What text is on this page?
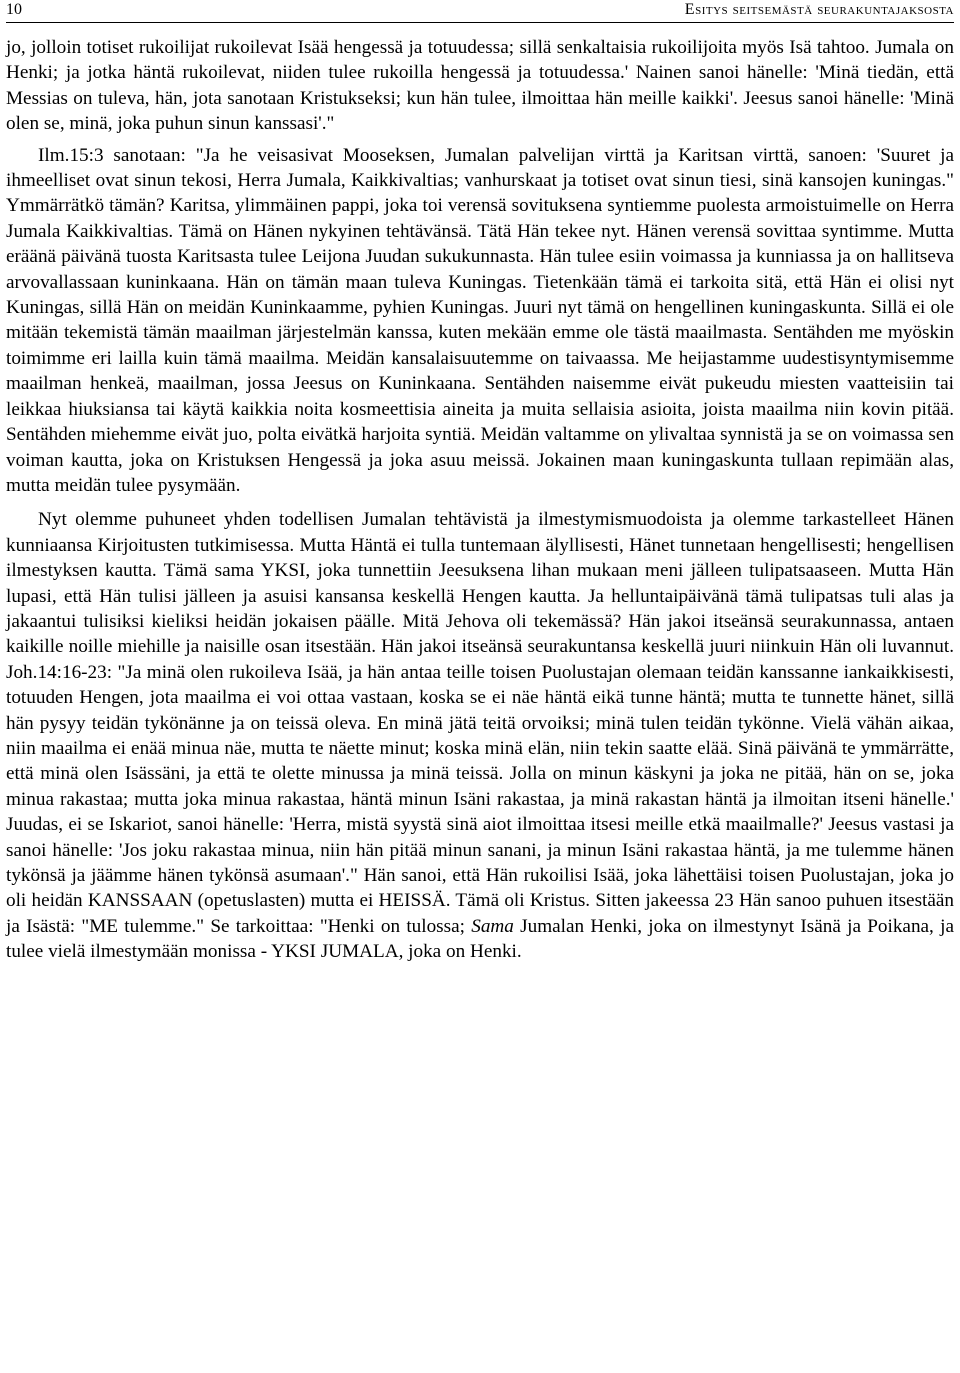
10	Esitys seitsemästä seurakuntajaksosta

jo, jolloin totiset rukoilijat rukoilevat Isää hengessä ja totuudessa; sillä senkaltaisia rukoilijoita myös Isä tahtoo. Jumala on Henki; ja jotka häntä rukoilevat, niiden tulee rukoilla hengessä ja totuudessa.' Nainen sanoi hänelle: 'Minä tiedän, että Messias on tuleva, hän, jota sanotaan Kristukseksi; kun hän tulee, ilmoittaa hän meille kaikki'. Jeesus sanoi hänelle: 'Minä olen se, minä, joka puhun sinun kanssasi'."

Ilm.15:3 sanotaan: "Ja he veisasivat Mooseksen, Jumalan palvelijan virttä ja Karitsan virttä, sanoen: 'Suuret ja ihmeelliset ovat sinun tekosi, Herra Jumala, Kaikkivaltias; vanhurskaat ja totiset ovat sinun tiesi, sinä kansojen kuningas." Ymmärrätkö tämän? Karitsa, ylimmäinen pappi, joka toi verensä sovituksena syntiemme puolesta armoistuimelle on Herra Jumala Kaikkivaltias. Tämä on Hänen nykyinen tehtävänsä. Tätä Hän tekee nyt. Hänen verensä sovittaa syntimme. Mutta eräänä päivänä tuosta Karitsasta tulee Leijona Juudan sukukunnasta. Hän tulee esiin voimassa ja kunniassa ja on hallitseva arvovallassaan kuninkaana. Hän on tämän maan tuleva Kuningas. Tietenkään tämä ei tarkoita sitä, että Hän ei olisi nyt Kuningas, sillä Hän on meidän Kuninkaamme, pyhien Kuningas. Juuri nyt tämä on hengellinen kuningaskunta. Sillä ei ole mitään tekemistä tämän maailman järjestelmän kanssa, kuten mekään emme ole tästä maailmasta. Sentähden me myöskin toimimme eri lailla kuin tämä maailma. Meidän kansalaisuutemme on taivaassa. Me heijastamme uudestisyntymisemme maailman henkeä, maailman, jossa Jeesus on Kuninkaana. Sentähden naisemme eivät pukeudu miesten vaatteisiin tai leikkaa hiuksiansa tai käytä kaikkia noita kosmeettisia aineita ja muita sellaisia asioita, joista maailma niin kovin pitää. Sentähden miehemme eivät juo, polta eivätkä harjoita syntiä. Meidän valtamme on ylivaltaa synnistä ja se on voimassa sen voiman kautta, joka on Kristuksen Hengessä ja joka asuu meissä. Jokainen maan kuningaskunta tullaan repimään alas, mutta meidän tulee pysymään.

Nyt olemme puhuneet yhden todellisen Jumalan tehtävistä ja ilmestymismuodoista ja olemme tarkastelleet Hänen kunniaansa Kirjoitusten tutkimisessa. Mutta Häntä ei tulla tuntemaan älyllisesti, Hänet tunnetaan hengellisesti; hengellisen ilmestyksen kautta. Tämä sama YKSI, joka tunnettiin Jeesuksena lihan mukaan meni jälleen tulipatsaaseen. Mutta Hän lupasi, että Hän tulisi jälleen ja asuisi kansansa keskellä Hengen kautta. Ja helluntaipäivänä tämä tulipatsas tuli alas ja jakaantui tulisiksi kieliksi heidän jokaisen päälle. Mitä Jehova oli tekemässä? Hän jakoi itseänsä seurakunnassa, antaen kaikille noille miehille ja naisille osan itsestään. Hän jakoi itseänsä seurakuntansa keskellä juuri niinkuin Hän oli luvannut. Joh.14:16-23: "Ja minä olen rukoileva Isää, ja hän antaa teille toisen Puolustajan olemaan teidän kanssanne iankaikkisesti, totuuden Hengen, jota maailma ei voi ottaa vastaan, koska se ei näe häntä eikä tunne häntä; mutta te tunnette hänet, sillä hän pysyy teidän tykönänne ja on teissä oleva. En minä jätä teitä orvoiksi; minä tulen teidän tykönne. Vielä vähän aikaa, niin maailma ei enää minua näe, mutta te näette minut; koska minä elän, niin tekin saatte elää. Sinä päivänä te ymmärrätte, että minä olen Isässäni, ja että te olette minussa ja minä teissä. Jolla on minun käskyni ja joka ne pitää, hän on se, joka minua rakastaa; mutta joka minua rakastaa, häntä minun Isäni rakastaa, ja minä rakastan häntä ja ilmoitan itseni hänelle.' Juudas, ei se Iskariot, sanoi hänelle: 'Herra, mistä syystä sinä aiot ilmoittaa itsesi meille etkä maailmalle?' Jeesus vastasi ja sanoi hänelle: 'Jos joku rakastaa minua, niin hän pitää minun sanani, ja minun Isäni rakastaa häntä, ja me tulemme hänen tykönsä ja jäämme hänen tykönsä asumaan'." Hän sanoi, että Hän rukoilisi Isää, joka lähettäisi toisen Puolustajan, joka jo oli heidän KANSSAAN (opetuslasten) mutta ei HEISSÄ. Tämä oli Kristus. Sitten jakeessa 23 Hän sanoo puhuen itsestään ja Isästä: "ME tulemme." Se tarkoittaa: "Henki on tulossa; Sama Jumalan Henki, joka on ilmestynyt Isänä ja Poikana, ja tulee vielä ilmestymään monissa - YKSI JUMALA, joka on Henki.
